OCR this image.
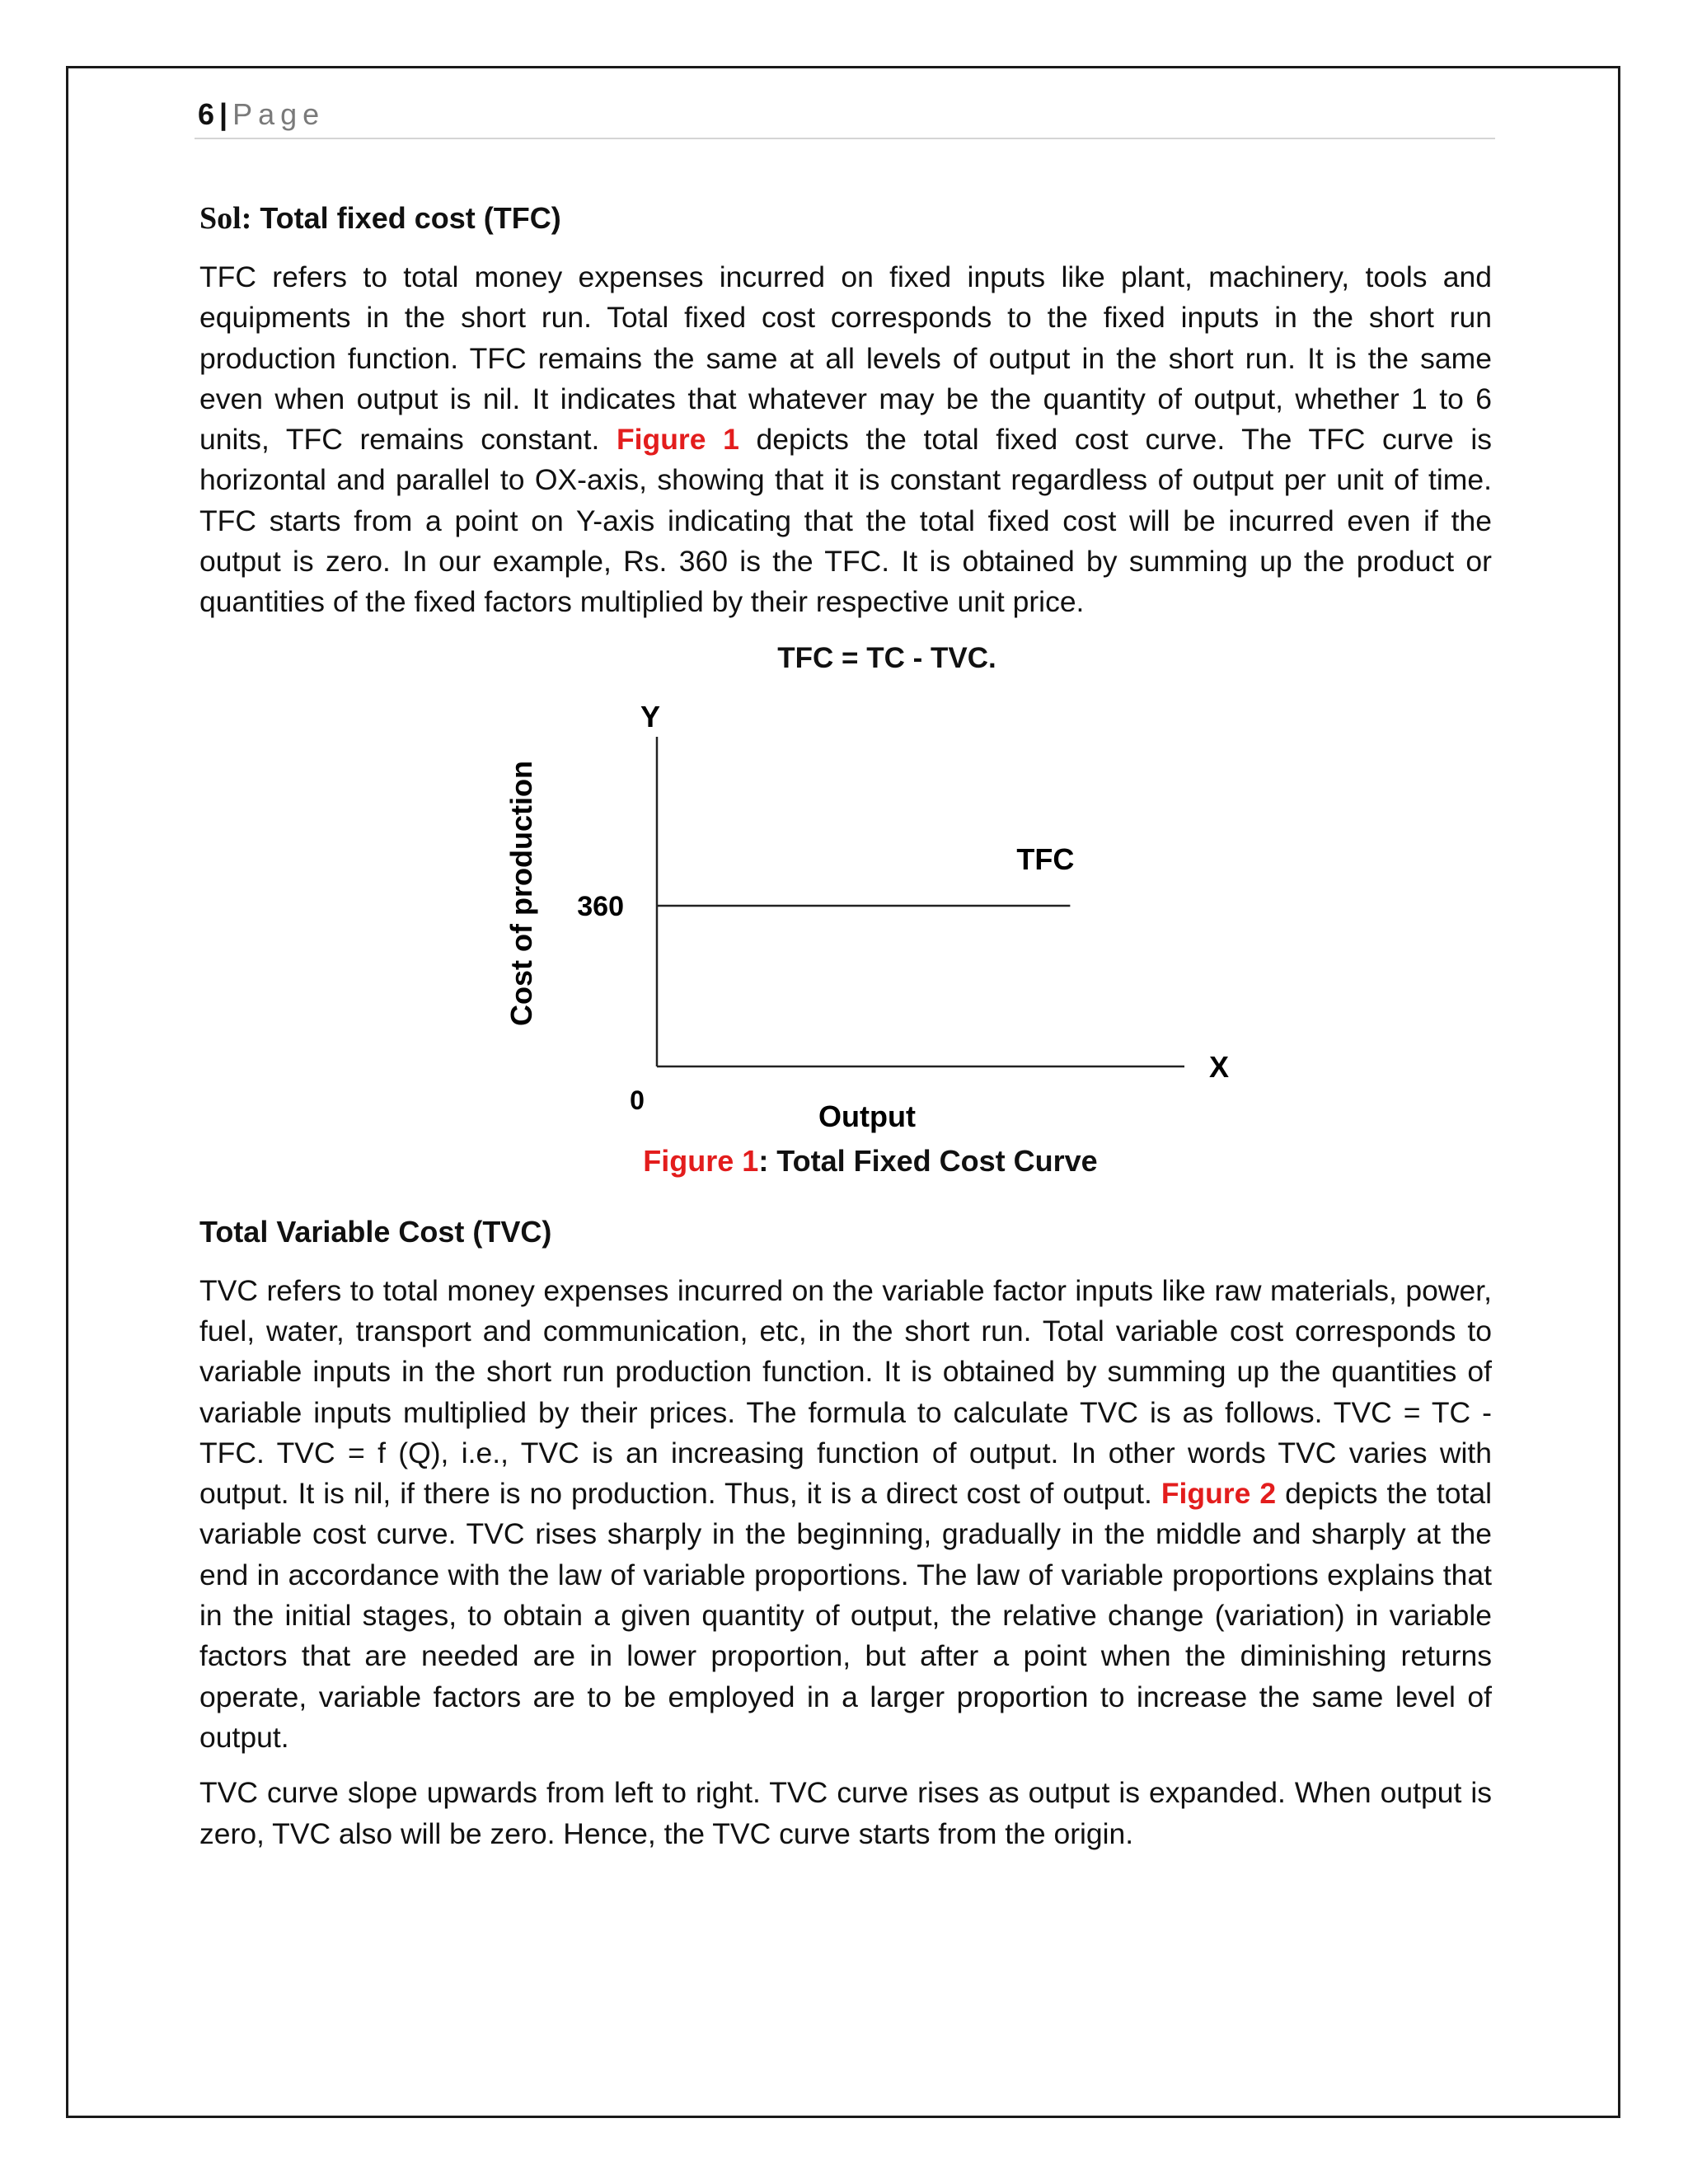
6 | Page
Sol: Total fixed cost (TFC)

TFC refers to total money expenses incurred on fixed inputs like plant, machinery, tools and equipments in the short run. Total fixed cost corresponds to the fixed inputs in the short run production function. TFC remains the same at all levels of output in the short run. It is the same even when output is nil. It indicates that whatever may be the quantity of output, whether 1 to 6 units, TFC remains constant. Figure 1 depicts the total fixed cost curve. The TFC curve is horizontal and parallel to OX-axis, showing that it is constant regardless of output per unit of time. TFC starts from a point on Y-axis indicating that the total fixed cost will be incurred even if the output is zero. In our example, Rs. 360 is the TFC. It is obtained by summing up the product or quantities of the fixed factors multiplied by their respective unit price.

TFC = TC - TVC.
Y
X
0	Output
Cost of production 360
TFC
Figure 1: Total Fixed Cost Curve
Total Variable Cost (TVC)

TVC refers to total money expenses incurred on the variable factor inputs like raw materials, power, fuel, water, transport and communication, etc, in the short run. Total variable cost corresponds to variable inputs in the short run production function. It is obtained by summing up the quantities of variable inputs multiplied by their prices. The formula to calculate TVC is as follows. TVC = TC - TFC. TVC = f (Q), i.e., TVC is an increasing function of output. In other words TVC varies with output. It is nil, if there is no production. Thus, it is a direct cost of output. Figure 2 depicts the total variable cost curve. TVC rises sharply in the beginning, gradually in the middle and sharply at the end in accordance with the law of variable proportions. The law of variable proportions explains that in the initial stages, to obtain a given quantity of output, the relative change (variation) in variable factors that are needed are in lower proportion, but after a point when the diminishing returns operate, variable factors are to be employed in a larger proportion to increase the same level of output.

TVC curve slope upwards from left to right. TVC curve rises as output is expanded. When output is zero, TVC also will be zero. Hence, the TVC curve starts from the origin.
